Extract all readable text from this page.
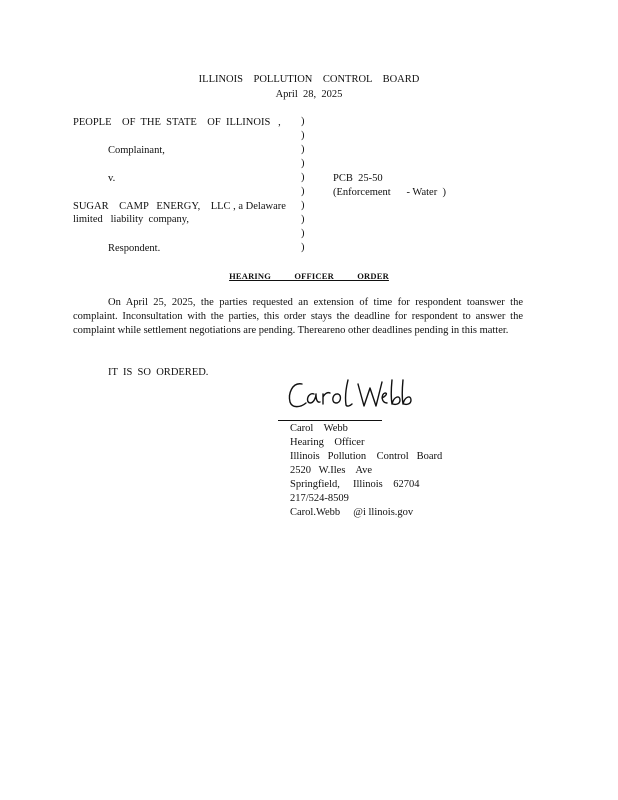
ILLINOIS    POLLUTION    CONTROL    BOARD
April  28,  2025
PEOPLE    OF  THE  STATE    OF  ILLINOIS   ,
Complainant,
v.
SUGAR    CAMP   ENERGY,    LLC , a Delaware
limited   liability  company,
Respondent.
)
)
)
)
)
)
)
)
)
)
PCB  25-50
(Enforcement      - Water  )
HEARING          OFFICER          ORDER

On April 25, 2025, the parties requested an extension of time for respondent toanswer the complaint. Inconsultation with the parties, this order stays the deadline for respondent to answer the complaint while settlement negotiations are pending. Thereareno other deadlines pending in this matter.

IT  IS  SO  ORDERED.
Carol    Webb
Hearing    Officer
Illinois   Pollution    Control   Board
2520   W.Iles    Ave
Springfield,     Illinois    62704
217/524-8509
Carol.Webb     @i llinois.gov
